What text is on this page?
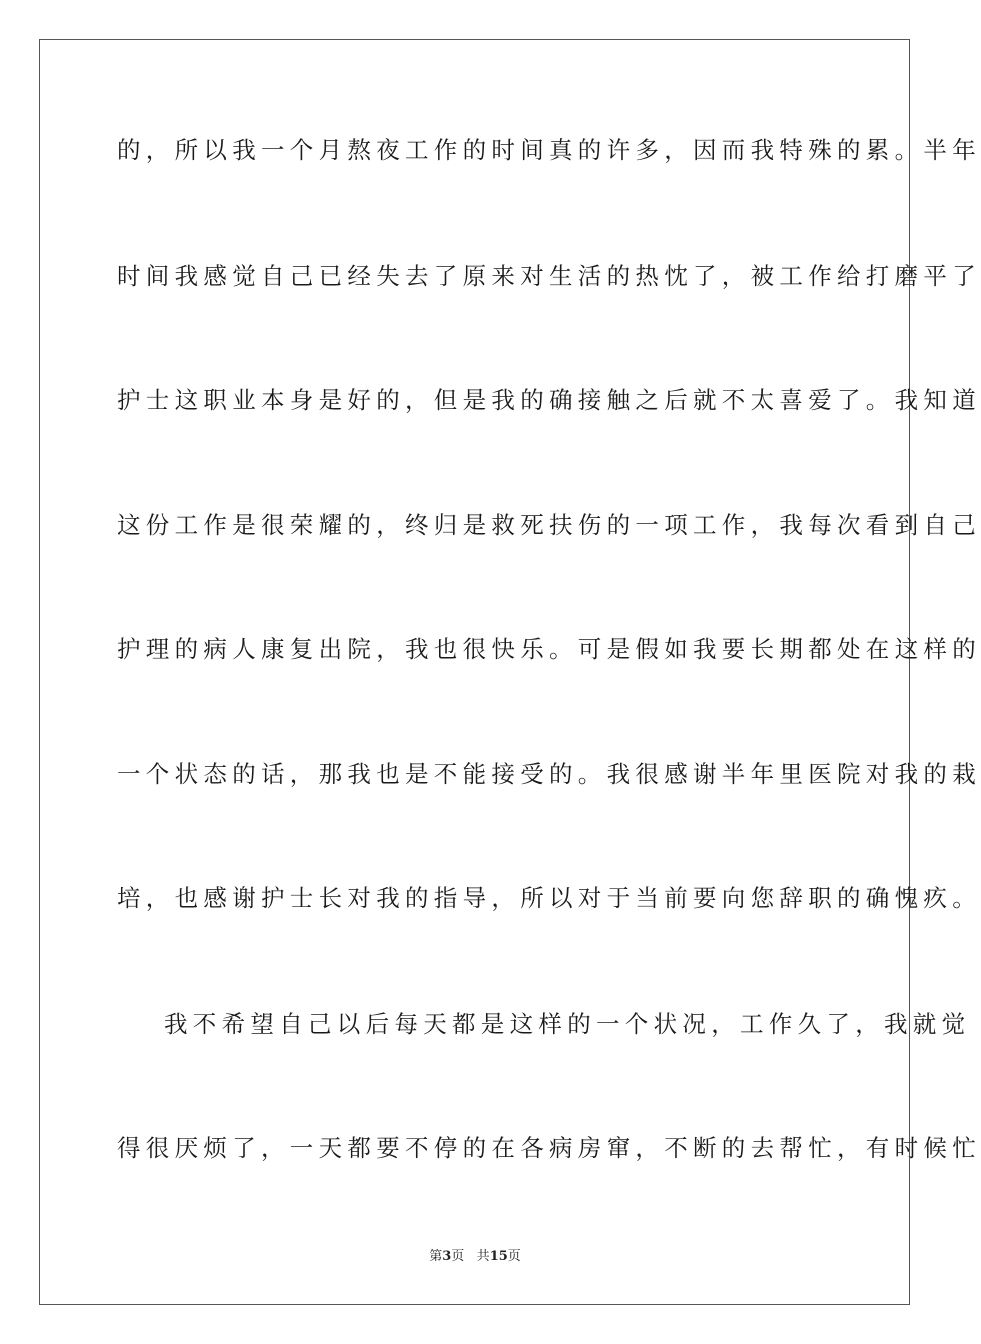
的，所以我一个月熬夜工作的时间真的许多，因而我特殊的累。半年
时间我感觉自己已经失去了原来对生活的热忱了，被工作给打磨平了
护士这职业本身是好的，但是我的确接触之后就不太喜爱了。我知道
这份工作是很荣耀的，终归是救死扶伤的一项工作，我每次看到自己
护理的病人康复出院，我也很快乐。可是假如我要长期都处在这样的
一个状态的话，那我也是不能接受的。我很感谢半年里医院对我的栽
培，也感谢护士长对我的指导，所以对于当前要向您辞职的确愧疚。
我不希望自己以后每天都是这样的一个状况，工作久了，我就觉
得很厌烦了，一天都要不停的在各病房窜，不断的去帮忙，有时候忙
第3页 共15页
